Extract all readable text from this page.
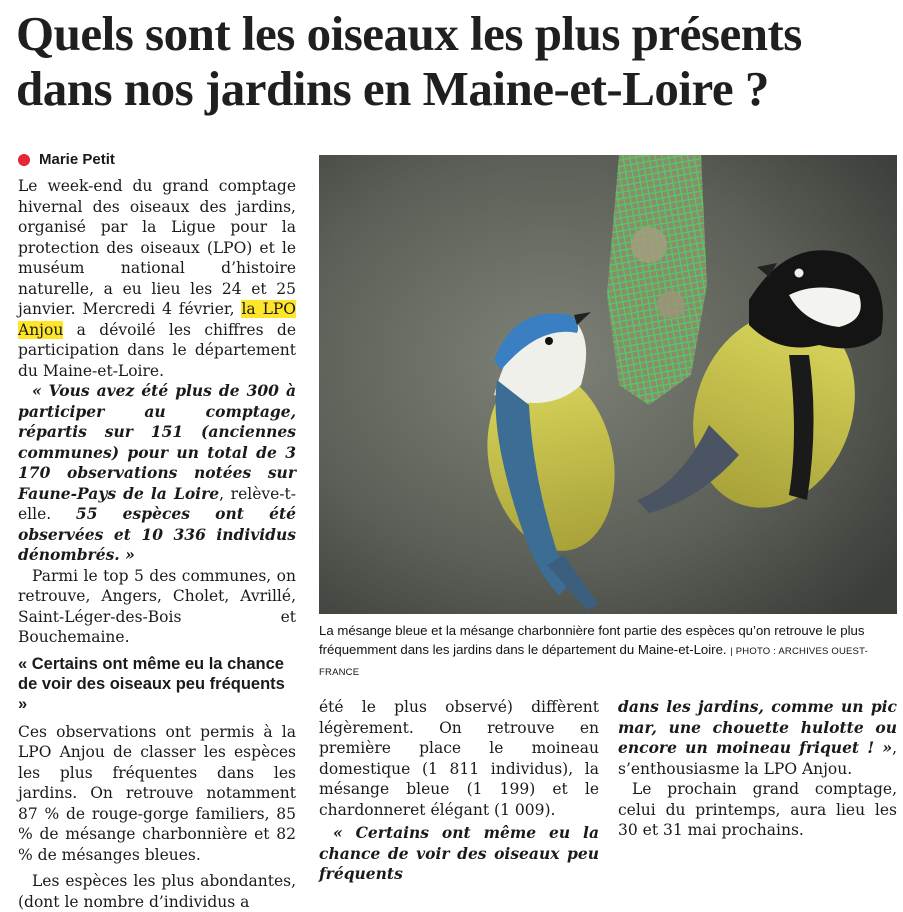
Quels sont les oiseaux les plus présents dans nos jardins en Maine-et-Loire ?
Marie Petit

Le week-end du grand comptage hivernal des oiseaux des jardins, organisé par la Ligue pour la protection des oiseaux (LPO) et le muséum national d’histoire naturelle, a eu lieu les 24 et 25 janvier. Mercredi 4 février, la LPO Anjou a dévoilé les chiffres de participation dans le département du Maine-et-Loire.

« Vous avez été plus de 300 à participer au comptage, répartis sur 151 (anciennes communes) pour un total de 3 170 observations notées sur Faune-Pays de la Loire, relève-t-elle. 55 espèces ont été observées et 10 336 individus dénombrés. »

Parmi le top 5 des communes, on retrouve, Angers, Cholet, Avrillé, Saint-Léger-des-Bois et Bouchemaine.

« Certains ont même eu la chance de voir des oiseaux peu fréquents »

Ces observations ont permis à la LPO Anjou de classer les espèces les plus fréquentes dans les jardins. On retrouve notamment 87 % de rouge-gorge familiers, 85 % de mésange charbonnière et 82 % de mésanges bleues.

Les espèces les plus abondantes, (dont le nombre d’individus a

La mésange bleue et la mésange charbonnière font partie des espèces qu’on retrouve le plus fréquemment dans les jardins dans le département du Maine-et-Loire. | PHOTO : ARCHIVES OUEST-FRANCE

été le plus observé) diffèrent légèrement. On retrouve en première place le moineau domestique (1 811 individus), la mésange bleue (1 199) et le chardonneret élégant (1 009).

« Certains ont même eu la chance de voir des oiseaux peu fréquents

dans les jardins, comme un pic mar, une chouette hulotte ou encore un moineau friquet ! », s’enthousiasme la LPO Anjou.

Le prochain grand comptage, celui du printemps, aura lieu les 30 et 31 mai prochains.
